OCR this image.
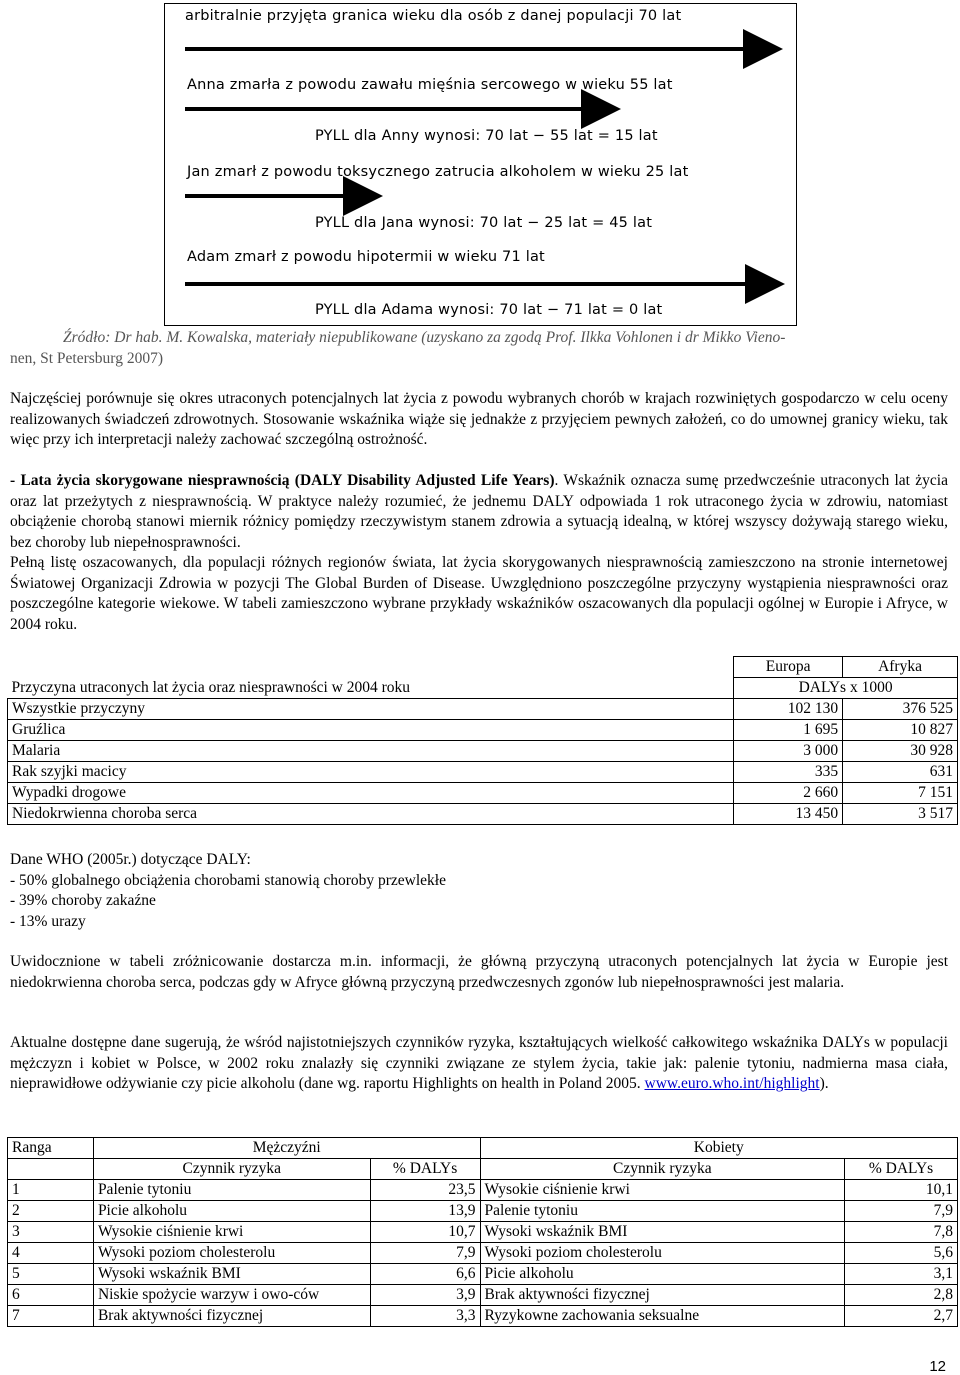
arbitralnie przyjęta granica wieku dla osób z danej populacji 70 lat
Anna zmarła z powodu zawału mięśnia sercowego w wieku 55 lat
PYLL dla Anny wynosi: 70 lat − 55 lat = 15 lat
Jan zmarł z powodu toksycznego zatrucia alkoholem w wieku 25 lat
PYLL dla Jana wynosi: 70 lat − 25 lat = 45 lat
Adam zmarł z powodu hipotermii w wieku 71 lat
PYLL dla Adama wynosi: 70 lat − 71 lat = 0 lat
Źródło: Dr hab. M. Kowalska, materiały niepublikowane (uzyskano za zgodą Prof. Ilkka Vohlonen i dr Mikko Vieno-
nen, St Petersburg 2007)
Najczęściej porównuje się okres utraconych potencjalnych lat życia z powodu wybranych chorób w krajach rozwiniętych gospodarczo w celu oceny realizowanych świadczeń zdrowotnych. Stosowanie wskaźnika wiąże się jednakże z przyjęciem pewnych założeń, co do umownej granicy wieku, tak więc przy ich interpretacji należy zachować szczególną ostrożność.
- Lata życia skorygowane niesprawnością (DALY Disability Adjusted Life Years). Wskaźnik oznacza sumę przedwcześnie utraconych lat życia oraz lat przeżytych z niesprawnością. W praktyce należy rozumieć, że jednemu DALY odpowiada 1 rok utraconego życia w zdrowiu, natomiast obciążenie chorobą stanowi miernik różnicy pomiędzy rzeczywistym stanem zdrowia a sytuacją idealną, w której wszyscy dożywają starego wieku, bez choroby lub niepełnosprawności.
Pełną listę oszacowanych, dla populacji różnych regionów świata, lat życia skorygowanych niesprawnością zamieszczono na stronie internetowej Światowej Organizacji Zdrowia w pozycji The Global Burden of Disease. Uwzględniono poszczególne przyczyny wystąpienia niesprawności oraz poszczególne kategorie wiekowe. W tabeli zamieszczono wybrane przykłady wskaźników oszacowanych dla populacji ogólnej w Europie i Afryce, w 2004 roku.
	Europa	Afryka
Przyczyna utraconych lat życia oraz niesprawności w 2004 roku	DALYs x 1000	
Wszystkie przyczyny	102 130	376 525
Gruźlica	1 695	10 827
Malaria	3 000	30 928
Rak szyjki macicy	335	631
Wypadki drogowe	2 660	7 151
Niedokrwienna choroba serca	13 450	3 517
Dane WHO (2005r.) dotyczące DALY:
- 50% globalnego obciążenia chorobami stanowią choroby przewlekłe
- 39% choroby zakaźne
- 13% urazy
Uwidocznione w tabeli zróżnicowanie dostarcza m.in. informacji, że główną przyczyną utraconych potencjalnych lat życia w Europie jest niedokrwienna choroba serca, podczas gdy w Afryce główną przyczyną przedwczesnych zgonów lub niepełnosprawności jest malaria.
Aktualne dostępne dane sugerują, że wśród najistotniejszych czynników ryzyka, kształtujących wielkość całkowitego wskaźnika DALYs w populacji mężczyzn i kobiet w Polsce, w 2002 roku znalazły się czynniki związane ze stylem życia, takie jak: palenie tytoniu, nadmierna masa ciała, nieprawidłowe odżywianie czy picie alkoholu (dane wg. raportu Highlights on health in Poland 2005. www.euro.who.int/highlight).
Ranga	Mężczyźni		Kobiety	
	Czynnik ryzyka	% DALYs	Czynnik ryzyka	% DALYs
1	Palenie tytoniu	23,5	Wysokie ciśnienie krwi	10,1
2	Picie alkoholu	13,9	Palenie tytoniu	7,9
3	Wysokie ciśnienie krwi	10,7	Wysoki wskaźnik BMI	7,8
4	Wysoki poziom cholesterolu	7,9	Wysoki poziom cholesterolu	5,6
5	Wysoki wskaźnik BMI	6,6	Picie alkoholu	3,1
6	Niskie spożycie warzyw i owo-ców	3,9	Brak aktywności fizycznej	2,8
7	Brak aktywności fizycznej	3,3	Ryzykowne zachowania seksualne	2,7
12
